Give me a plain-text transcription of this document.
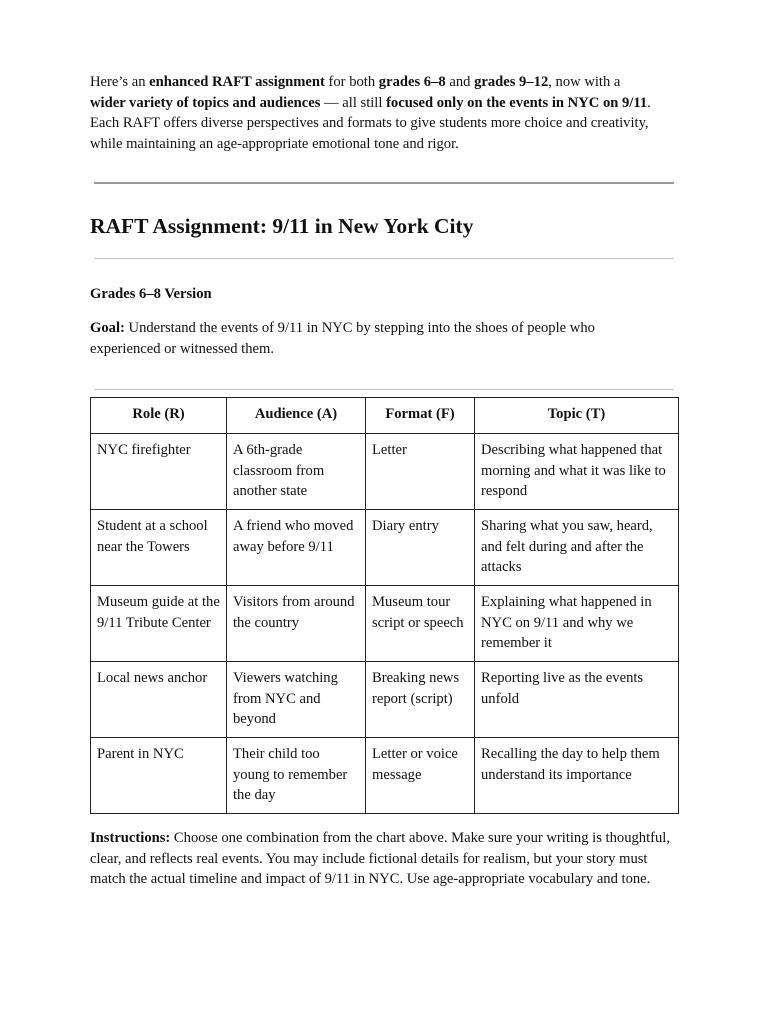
Here’s an enhanced RAFT assignment for both grades 6–8 and grades 9–12, now with a
wider variety of topics and audiences — all still focused only on the events in NYC on 9/11. Each RAFT offers diverse perspectives and formats to give students more choice and creativity, while maintaining an age-appropriate emotional tone and rigor.

RAFT Assignment: 9/11 in New York City
Grades 6–8 Version

Goal: Understand the events of 9/11 in NYC by stepping into the shoes of people who experienced or witnessed them.

Role (R)	Audience (A)	Format (F)	Topic (T)
NYC firefighter	A 6th-grade classroom from another state	Letter	Describing what happened that morning and what it was like to respond
Student at a school near the Towers	A friend who moved away before 9/11	Diary entry	Sharing what you saw, heard, and felt during and after the attacks
Museum guide at the 9/11 Tribute Center	Visitors from around the country	Museum tour script or speech	Explaining what happened in NYC on 9/11 and why we remember it
Local news anchor	Viewers watching from NYC and beyond	Breaking news report (script)	Reporting live as the events unfold
Parent in NYC	Their child too young to remember the day	Letter or voice message	Recalling the day to help them understand its importance

Instructions: Choose one combination from the chart above. Make sure your writing is thoughtful, clear, and reflects real events. You may include fictional details for realism, but your story must match the actual timeline and impact of 9/11 in NYC. Use age-appropriate vocabulary and tone.
